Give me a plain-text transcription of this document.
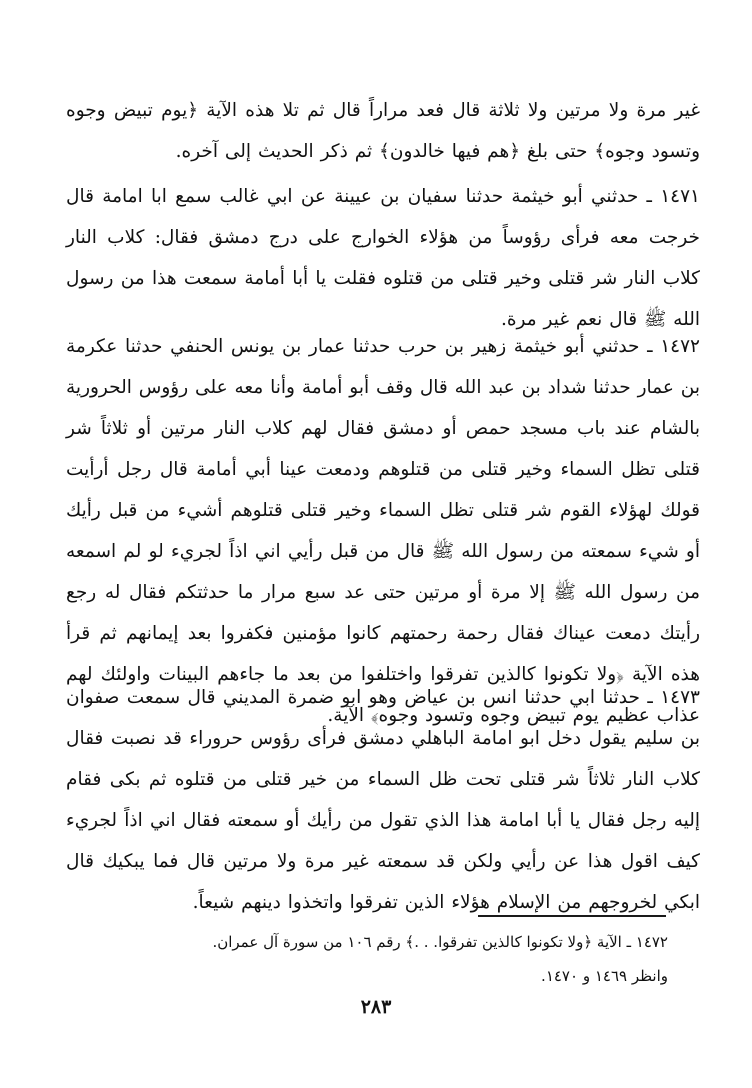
غير مرة ولا مرتين ولا ثلاثة قال فعد مراراً قال ثم تلا هذه الآية ﴿يوم تبيض وجوه وتسود وجوه﴾ حتى بلغ ﴿هم فيها خالدون﴾ ثم ذكر الحديث إلى آخره.
١٤٧١ ـ حدثني أبو خيثمة حدثنا سفيان بن عيينة عن ابي غالب سمع ابا امامة قال خرجت معه فرأى رؤوساً من هؤلاء الخوارج على درج دمشق فقال: كلاب النار كلاب النار شر قتلى وخير قتلى من قتلوه فقلت يا أبا أمامة سمعت هذا من رسول الله ﷺ قال نعم غير مرة.
١٤٧٢ ـ حدثني أبو خيثمة زهير بن حرب حدثنا عمار بن يونس الحنفي حدثنا عكرمة بن عمار حدثنا شداد بن عبد الله قال وقف أبو أمامة وأنا معه على رؤوس الحرورية بالشام عند باب مسجد حمص أو دمشق فقال لهم كلاب النار مرتين أو ثلاثاً شر قتلى تظل السماء وخير قتلى من قتلوهم ودمعت عينا أبي أمامة قال رجل أرأيت قولك لهؤلاء القوم شر قتلى تظل السماء وخير قتلى قتلوهم أشيء من قبل رأيك أو شيء سمعته من رسول الله ﷺ قال من قبل رأيي اني اذاً لجريء لو لم اسمعه من رسول الله ﷺ إلا مرة أو مرتين حتى عد سبع مرار ما حدثتكم فقال له رجع رأيتك دمعت عيناك فقال رحمة رحمتهم كانوا مؤمنين فكفروا بعد إيمانهم ثم قرأ هذه الآية ﴿ولا تكونوا كالذين تفرقوا واختلفوا من بعد ما جاءهم البينات واولئك لهم عذاب عظيم يوم تبيض وجوه وتسود وجوه﴾ الآية.
١٤٧٣ ـ حدثنا ابي حدثنا انس بن عياض وهو ابو ضمرة المديني قال سمعت صفوان بن سليم يقول دخل ابو امامة الباهلي دمشق فرأى رؤوس حروراء قد نصبت فقال كلاب النار ثلاثاً شر قتلى تحت ظل السماء من خير قتلى من قتلوه ثم بكى فقام إليه رجل فقال يا أبا امامة هذا الذي تقول من رأيك أو سمعته فقال اني اذاً لجريء كيف اقول هذا عن رأيي ولكن قد سمعته غير مرة ولا مرتين قال فما يبكيك قال ابكي لخروجهم من الإسلام هؤلاء الذين تفرقوا واتخذوا دينهم شيعاً.
١٤٧٢ ـ الآية ﴿ولا تكونوا كالذين تفرقوا. . .﴾ رقم ١٠٦ من سورة آل عمران.
وانظر ١٤٦٩ و ١٤٧٠.
٢٨٣
